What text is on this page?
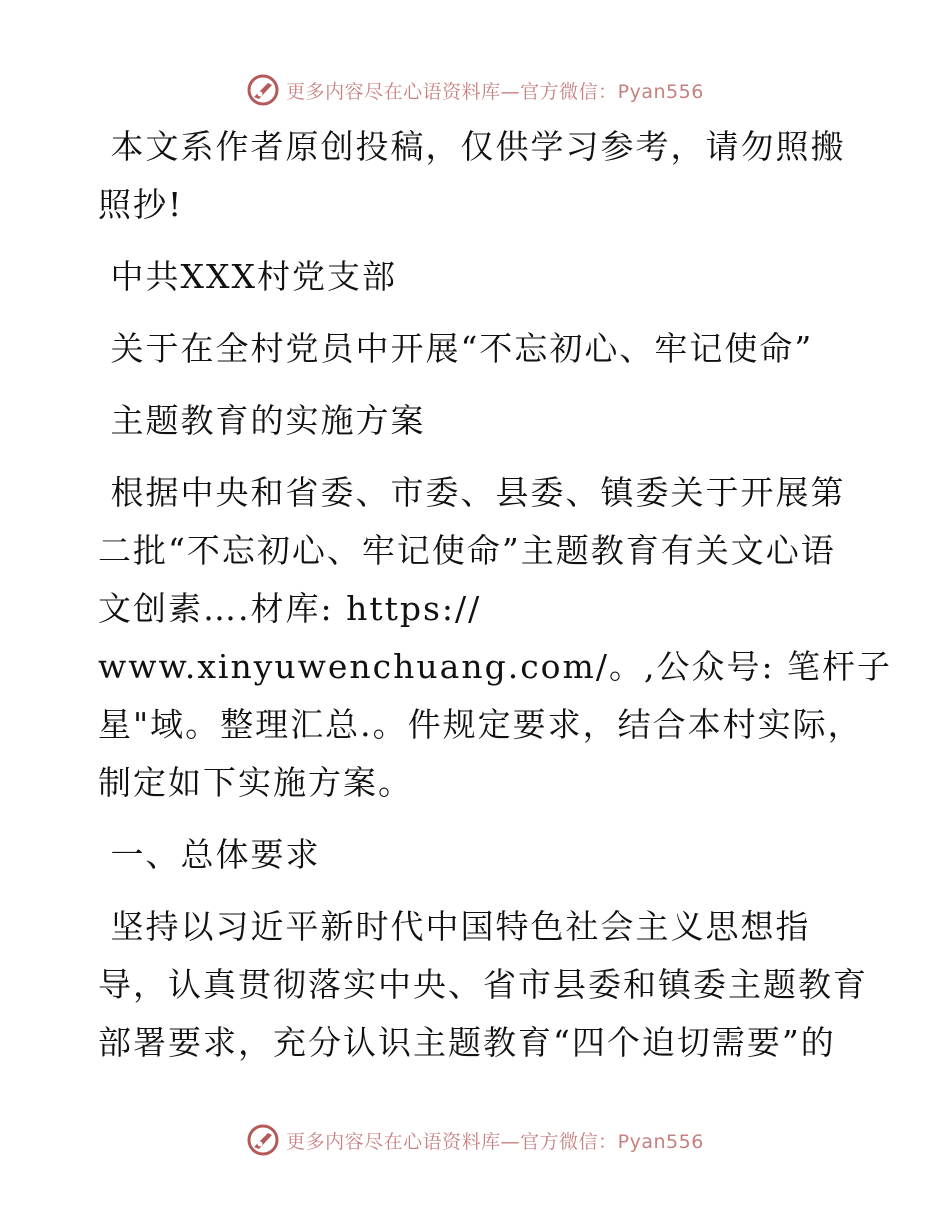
更多内容尽在心语资料库—官方微信：Pyan556
本文系作者原创投稿，仅供学习参考，请勿照搬
照抄!
中共XXX村党支部
关于在全村党员中开展“不忘初心、牢记使命”
主题教育的实施方案
根据中央和省委、市委、县委、镇委关于开展第
二批“不忘初心、牢记使命”主题教育有关文心语
文创素….材库: https://
www.xinyuwenchuang.com/。,公众号: 笔杆子
星"域。整理汇总.。件规定要求，结合本村实际，
制定如下实施方案。
一、总体要求
坚持以习近平新时代中国特色社会主义思想指
导，认真贯彻落实中央、省市县委和镇委主题教育
部署要求，充分认识主题教育“四个迫切需要”的
更多内容尽在心语资料库—官方微信：Pyan556
